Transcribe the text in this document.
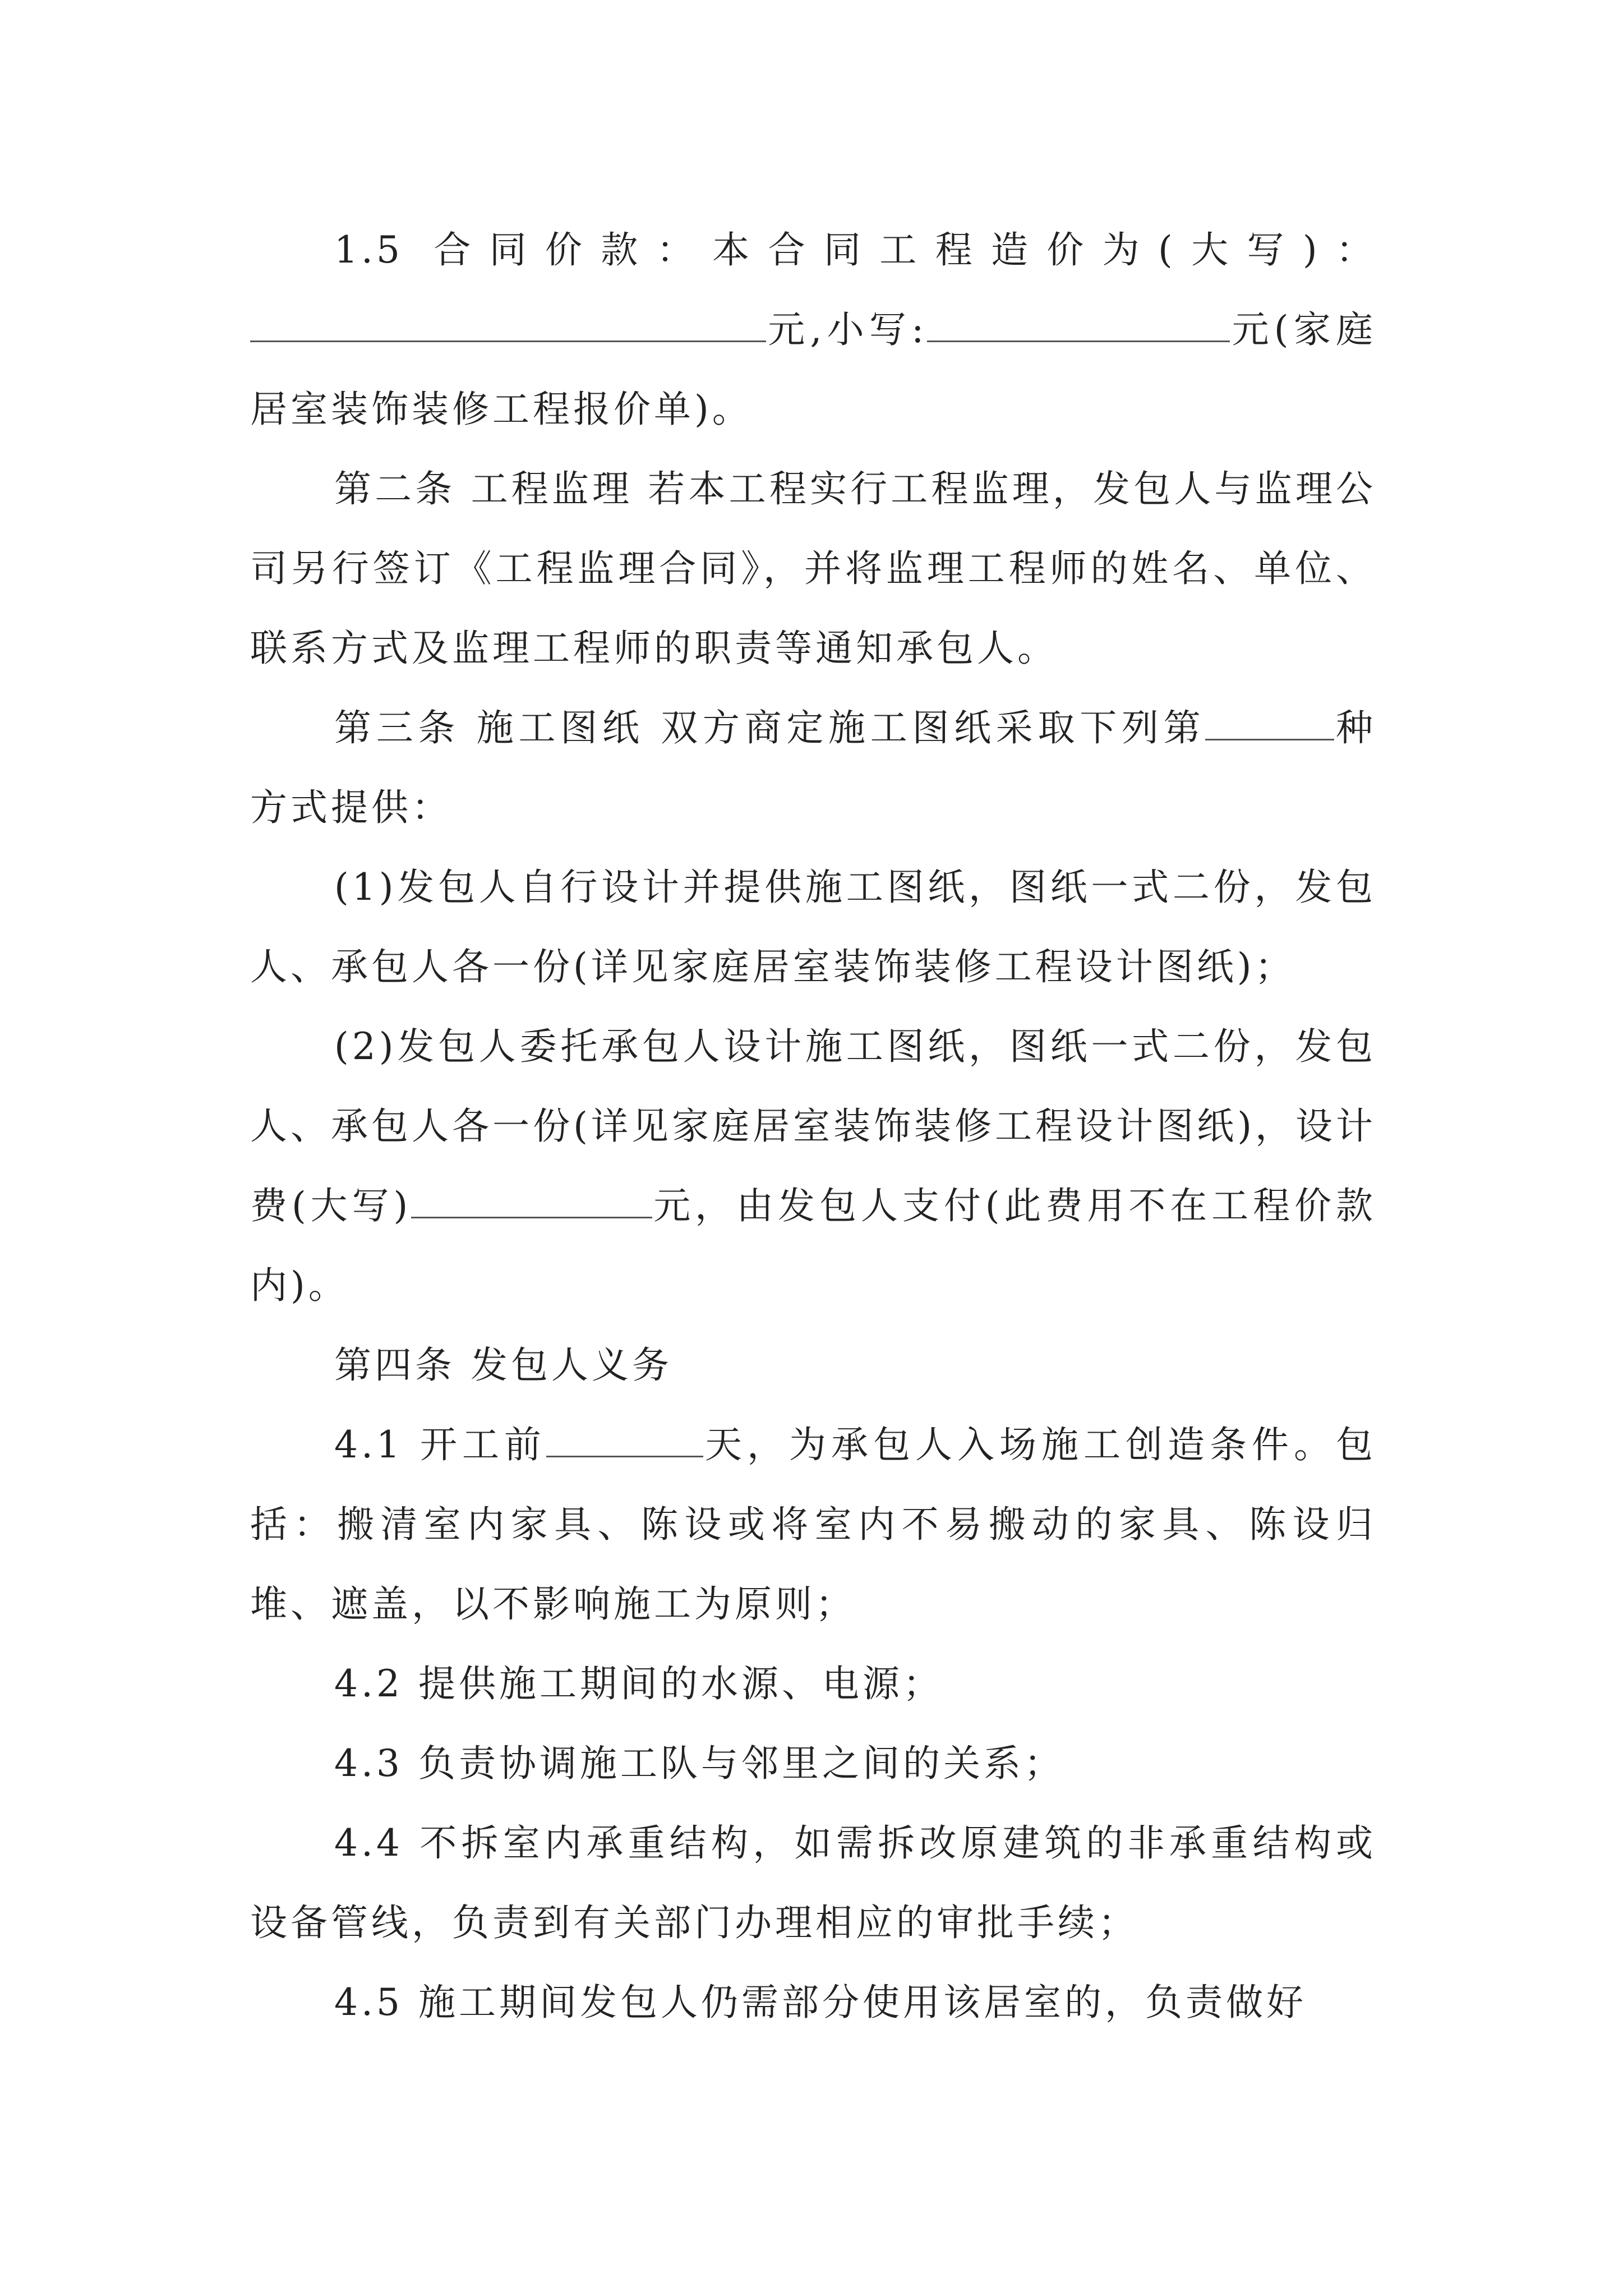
1.5 合同价款：本合同工程造价为(大写)：元,小写:	元(家庭居室装饰装修工程报价单)。

第二条 工程监理 若本工程实行工程监理，发包人与监理公司另行签订《工程监理合同》，并将监理工程师的姓名、单位、联系方式及监理工程师的职责等通知承包人。

第三条 施工图纸 双方商定施工图纸采取下列第	种方式提供：

(1)发包人自行设计并提供施工图纸，图纸一式二份，发包人、承包人各一份(详见家庭居室装饰装修工程设计图纸)；

(2)发包人委托承包人设计施工图纸，图纸一式二份，发包人、承包人各一份(详见家庭居室装饰装修工程设计图纸)，设计费(大写)	元，由发包人支付(此费用不在工程价款内)。

第四条 发包人义务

4.1 开工前	天，为承包人入场施工创造条件。包括：搬清室内家具、陈设或将室内不易搬动的家具、陈设归堆、遮盖，以不影响施工为原则；

4.2 提供施工期间的水源、电源；

4.3 负责协调施工队与邻里之间的关系；

4.4 不拆室内承重结构，如需拆改原建筑的非承重结构或设备管线，负责到有关部门办理相应的审批手续；

4.5 施工期间发包人仍需部分使用该居室的，负责做好
